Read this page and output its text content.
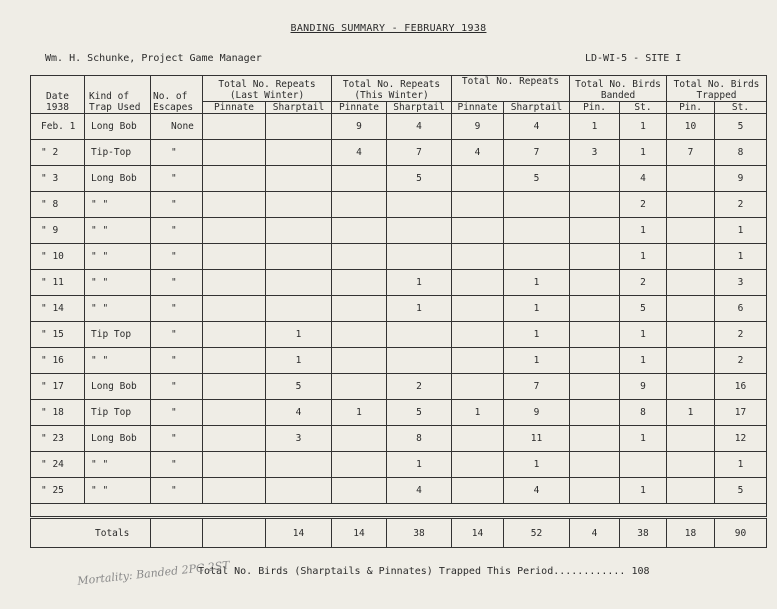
BANDING SUMMARY - FEBRUARY 1938
Wm. H. Schunke, Project Game Manager	LD-WI-5 - SITE I
Date 1938	Kind of Trap Used	No. of Escapes	Total No. Repeats (Last Winter)		Total No. Repeats (This Winter)		Total No. Repeats		Total No. Birds Banded		Total No. Birds Trapped	
			Pinnate	Sharptail	Pinnate	Sharptail	Pinnate	Sharptail	Pin.	St.	Pin.	St.
Feb. 1	Long Bob	None			9	4	9	4	1	1	10	5
" 2	Tip-Top	"			4	7	4	7	3	1	7	8
" 3	Long Bob	"				5		5		4		9
" 8	" "	"								2		2
" 9	" "	"								1		1
" 10	" "	"								1		1
" 11	" "	"				1		1		2		3
" 14	" "	"				1		1		5		6
" 15	Tip Top	"		1				1		1		2
" 16	" "	"		1				1		1		2
" 17	Long Bob	"		5		2		7		9		16
" 18	Tip Top	"		4	1	5	1	9		8	1	17
" 23	Long Bob	"		3		8		11		1		12
" 24	" "	"				1		1				1
" 25	" "	"				4		4		1		5

Totals				14	14	38	14	52	4	38	18	90
Total No. Birds (Sharptails & Pinnates) Trapped This Period............ 108
Mortality: Banded 2PC 2ST
